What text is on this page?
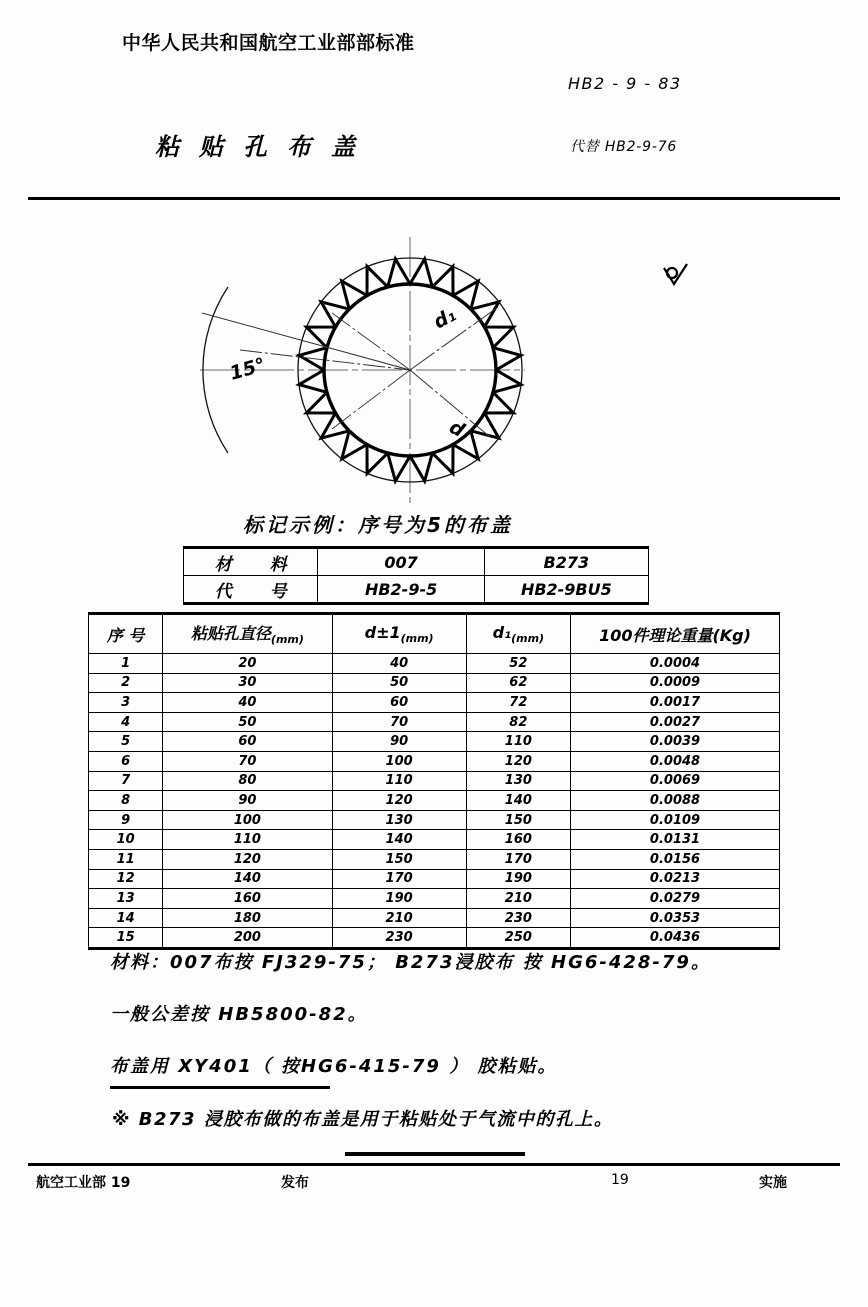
中华人民共和国航空工业部部标准
HB2 - 9 - 83
粘贴孔布盖	代替 HB2-9-76
15°
d₁
d
标记示例：序号为5的布盖
材 料	007	B273
代 号	HB2-9-5	HB2-9BU5
序 号	粘贴孔直径$_{(mm)}$	$d\pm 1_{(mm)}$	$d_1_{(mm)}$	100件理论重量(Kg)
1	20	40	52	0.0004
2	30	50	62	0.0009
3	40	60	72	0.0017
4	50	70	82	0.0027
5	60	90	110	0.0039
6	70	100	120	0.0048
7	80	110	130	0.0069
8	90	120	140	0.0088
9	100	130	150	0.0109
10	110	140	160	0.0131
11	120	150	170	0.0156
12	140	170	190	0.0213
13	160	190	210	0.0279
14	180	210	230	0.0353
15	200	230	250	0.0436
材料：007布按 FJ329-75； B273浸胶布 按 HG6-428-79。
一般公差按 HB5800-82。
布盖用 XY401（ 按HG6-415-79 ） 胶粘贴。
※ B273 浸胶布做的布盖是用于粘贴处于气流中的孔上。
航空工业部 19	发布	19	实施
